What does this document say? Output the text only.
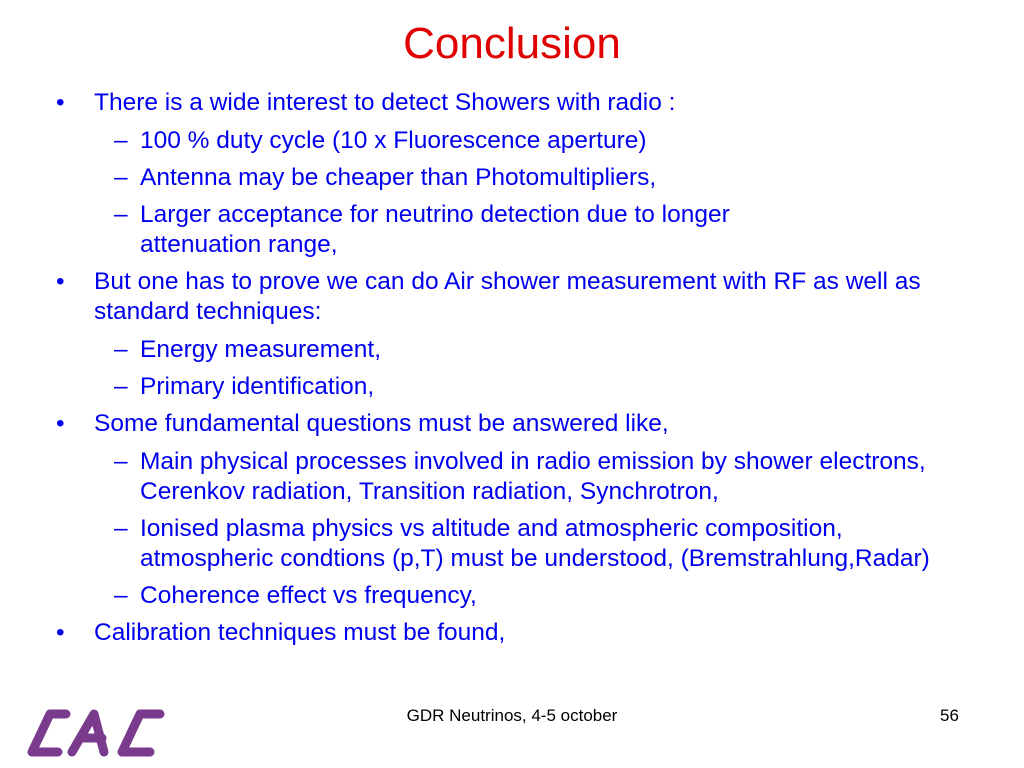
Conclusion
• There is a wide interest to detect Showers with radio :
– 100 % duty cycle (10 x Fluorescence aperture)
– Antenna may be cheaper than Photomultipliers,
– Larger acceptance for neutrino detection due to longer attenuation range,
• But one has to prove we can do Air shower measurement with RF as well as standard techniques:
– Energy measurement,
– Primary identification,
• Some fundamental questions must be answered like,
– Main physical processes involved in radio emission by shower electrons, Cerenkov radiation, Transition radiation, Synchrotron,
– Ionised plasma physics vs altitude and atmospheric composition, atmospheric condtions (p,T) must be understood, (Bremstrahlung,Radar)
– Coherence effect vs frequency,
• Calibration techniques must be found,
GDR Neutrinos, 4-5 october	56
